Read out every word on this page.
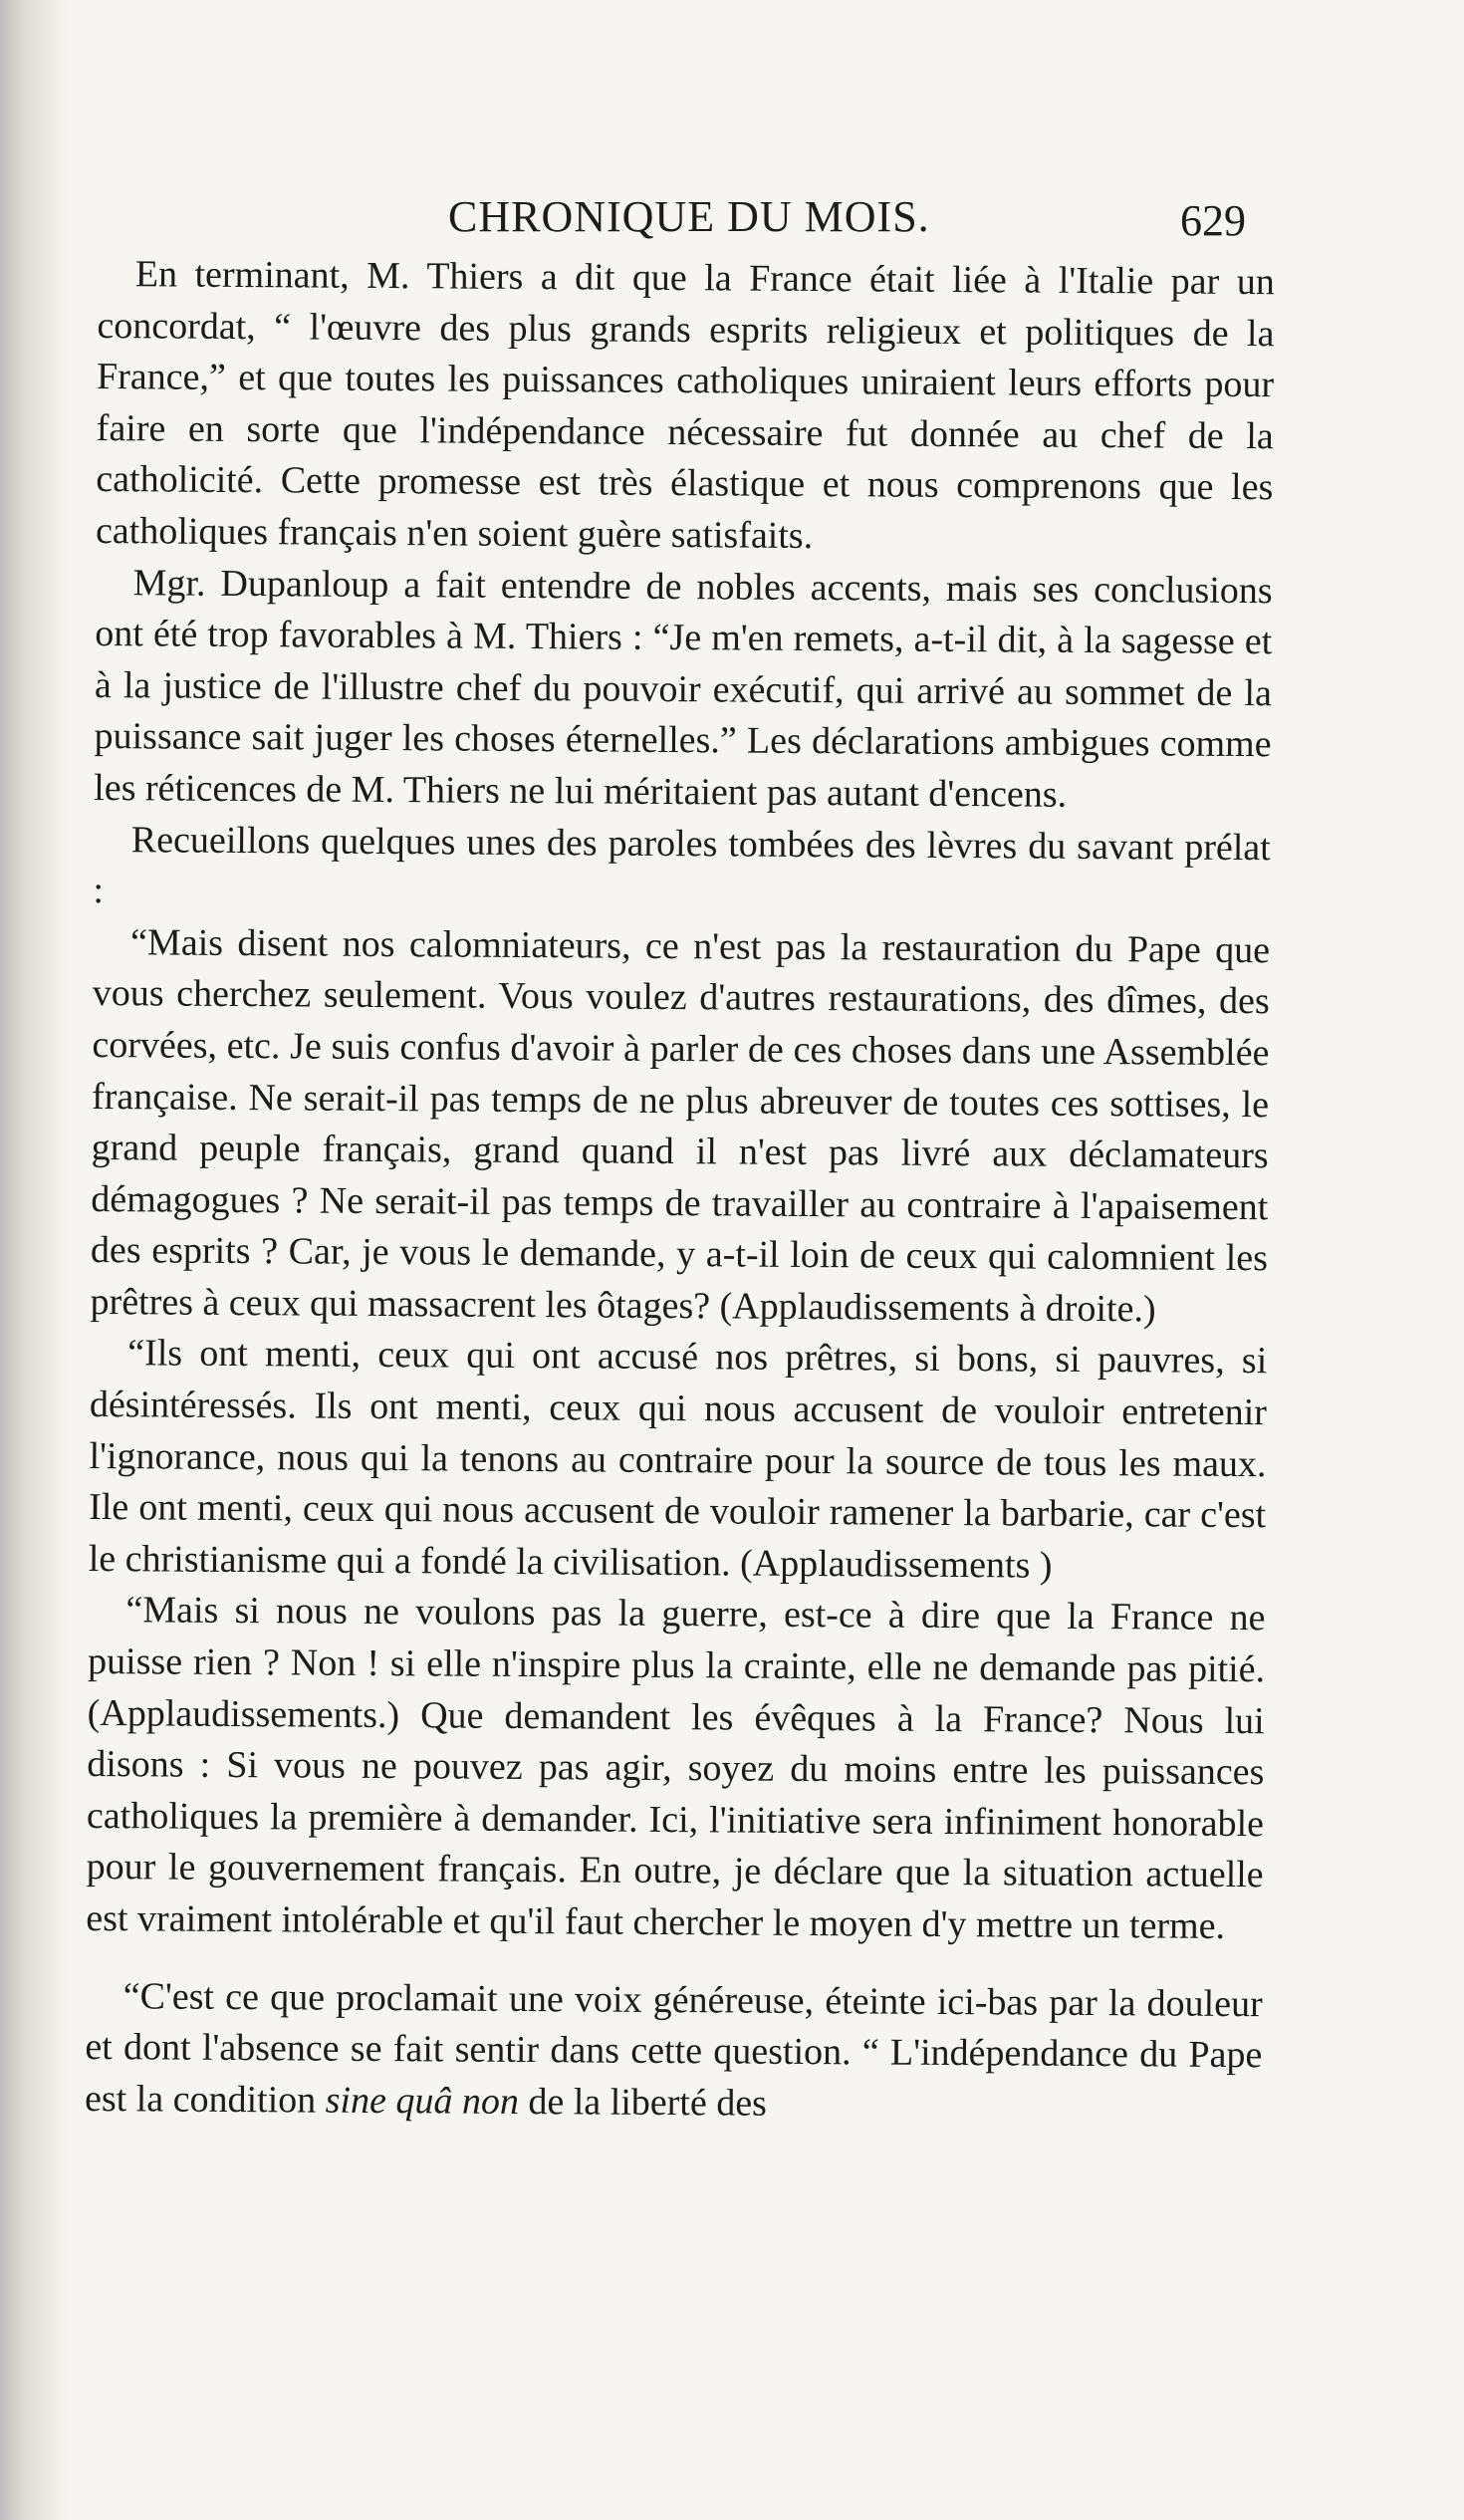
CHRONIQUE DU MOIS.	629

En terminant, M. Thiers a dit que la France était liée à l'Italie par un concordat, “ l'œuvre des plus grands esprits religieux et politiques de la France,” et que toutes les puissances catholiques uniraient leurs efforts pour faire en sorte que l'indépendance nécessaire fut donnée au chef de la catholicité. Cette promesse est très élastique et nous comprenons que les catholiques français n'en soient guère satisfaits.

Mgr. Dupanloup a fait entendre de nobles accents, mais ses conclusions ont été trop favorables à M. Thiers : “Je m'en remets, a-t-il dit, à la sagesse et à la justice de l'illustre chef du pouvoir exécutif, qui arrivé au sommet de la puissance sait juger les choses éternelles.” Les déclarations ambigues comme les réticences de M. Thiers ne lui méritaient pas autant d'encens.

Recueillons quelques unes des paroles tombées des lèvres du savant prélat :

“Mais disent nos calomniateurs, ce n'est pas la restauration du Pape que vous cherchez seulement. Vous voulez d'autres restaurations, des dîmes, des corvées, etc. Je suis confus d'avoir à parler de ces choses dans une Assemblée française. Ne serait-il pas temps de ne plus abreuver de toutes ces sottises, le grand peuple français, grand quand il n'est pas livré aux déclamateurs démagogues ? Ne serait-il pas temps de travailler au contraire à l'apaisement des esprits ? Car, je vous le demande, y a-t-il loin de ceux qui calomnient les prêtres à ceux qui massacrent les ôtages? (Applaudissements à droite.)

“Ils ont menti, ceux qui ont accusé nos prêtres, si bons, si pauvres, si désintéressés. Ils ont menti, ceux qui nous accusent de vouloir entretenir l'ignorance, nous qui la tenons au contraire pour la source de tous les maux. Ile ont menti, ceux qui nous accusent de vouloir ramener la barbarie, car c'est le christianisme qui a fondé la civilisation. (Applaudissements )

“Mais si nous ne voulons pas la guerre, est-ce à dire que la France ne puisse rien ? Non ! si elle n'inspire plus la crainte, elle ne demande pas pitié. (Applaudissements.) Que demandent les évêques à la France? Nous lui disons : Si vous ne pouvez pas agir, soyez du moins entre les puissances catholiques la première à demander. Ici, l'initiative sera infiniment honorable pour le gouvernement français. En outre, je déclare que la situation actuelle est vraiment intolérable et qu'il faut chercher le moyen d'y mettre un terme.

“C'est ce que proclamait une voix généreuse, éteinte ici-bas par la douleur et dont l'absence se fait sentir dans cette question. “ L'indépendance du Pape est la condition sine quâ non de la liberté des
